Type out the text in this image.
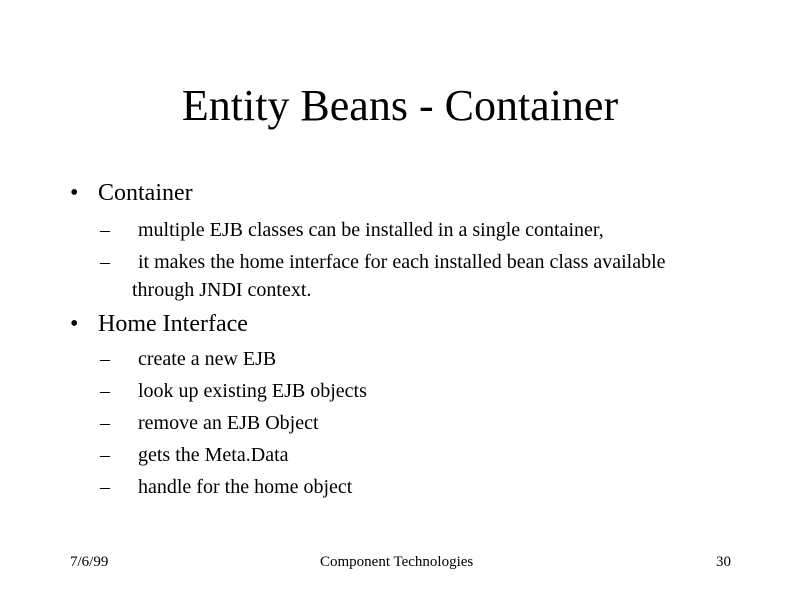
Entity Beans - Container
• Container
– multiple EJB classes can be installed in a single container,
– it makes the home interface for each installed bean class available
through JNDI context.
• Home Interface
– create a new EJB
– look up existing EJB objects
– remove an EJB Object
– gets the Meta.Data
– handle for the home object
7/6/99	Component Technologies	30
